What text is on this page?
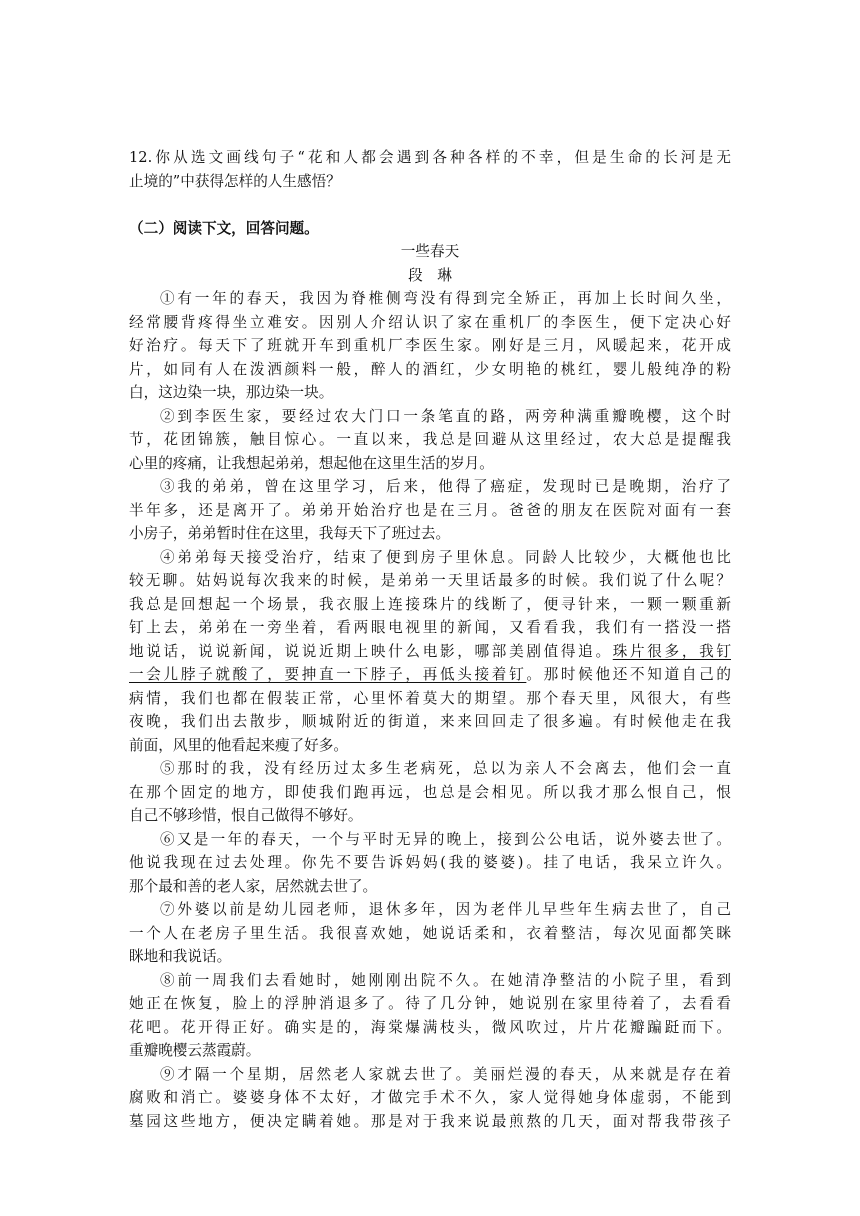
12.你从选文画线句子“花和人都会遇到各种各样的不幸，但是生命的长河是无
止境的”中获得怎样的人生感悟？
（二）阅读下文，回答问题。
一些春天
段　琳
①有一年的春天，我因为脊椎侧弯没有得到完全矫正，再加上长时间久坐，
经常腰背疼得坐立难安。因别人介绍认识了家在重机厂的李医生，便下定决心好
好治疗。每天下了班就开车到重机厂李医生家。刚好是三月，风暖起来，花开成
片，如同有人在泼洒颜料一般，醉人的酒红，少女明艳的桃红，婴儿般纯净的粉
白，这边染一块，那边染一块。
②到李医生家，要经过农大门口一条笔直的路，两旁种满重瓣晚樱，这个时
节，花团锦簇，触目惊心。一直以来，我总是回避从这里经过，农大总是提醒我
心里的疼痛，让我想起弟弟，想起他在这里生活的岁月。
③我的弟弟，曾在这里学习，后来，他得了癌症，发现时已是晚期，治疗了
半年多，还是离开了。弟弟开始治疗也是在三月。爸爸的朋友在医院对面有一套
小房子，弟弟暂时住在这里，我每天下了班过去。
④弟弟每天接受治疗，结束了便到房子里休息。同龄人比较少，大概他也比
较无聊。姑妈说每次我来的时候，是弟弟一天里话最多的时候。我们说了什么呢？
我总是回想起一个场景，我衣服上连接珠片的线断了，便寻针来，一颗一颗重新
钉上去，弟弟在一旁坐着，看两眼电视里的新闻，又看看我，我们有一搭没一搭
地说话，说说新闻，说说近期上映什么电影，哪部美剧值得追。珠片很多，我钉
一会儿脖子就酸了，要抻直一下脖子，再低头接着钉。那时候他还不知道自己的
病情，我们也都在假装正常，心里怀着莫大的期望。那个春天里，风很大，有些
夜晚，我们出去散步，顺城附近的街道，来来回回走了很多遍。有时候他走在我
前面，风里的他看起来瘦了好多。
⑤那时的我，没有经历过太多生老病死，总以为亲人不会离去，他们会一直
在那个固定的地方，即使我们跑再远，也总是会相见。所以我才那么恨自己，恨
自己不够珍惜，恨自己做得不够好。
⑥又是一年的春天，一个与平时无异的晚上，接到公公电话，说外婆去世了。
他说我现在过去处理。你先不要告诉妈妈(我的婆婆)。挂了电话，我呆立许久。
那个最和善的老人家，居然就去世了。
⑦外婆以前是幼儿园老师，退休多年，因为老伴儿早些年生病去世了，自己
一个人在老房子里生活。我很喜欢她，她说话柔和，衣着整洁，每次见面都笑眯
眯地和我说话。
⑧前一周我们去看她时，她刚刚出院不久。在她清净整洁的小院子里，看到
她正在恢复，脸上的浮肿消退多了。待了几分钟，她说别在家里待着了，去看看
花吧。花开得正好。确实是的，海棠爆满枝头，微风吹过，片片花瓣蹁跹而下。
重瓣晚樱云蒸霞蔚。
⑨才隔一个星期，居然老人家就去世了。美丽烂漫的春天，从来就是存在着
腐败和消亡。婆婆身体不太好，才做完手术不久，家人觉得她身体虚弱，不能到
墓园这些地方，便决定瞒着她。那是对于我来说最煎熬的几天，面对帮我带孩子
